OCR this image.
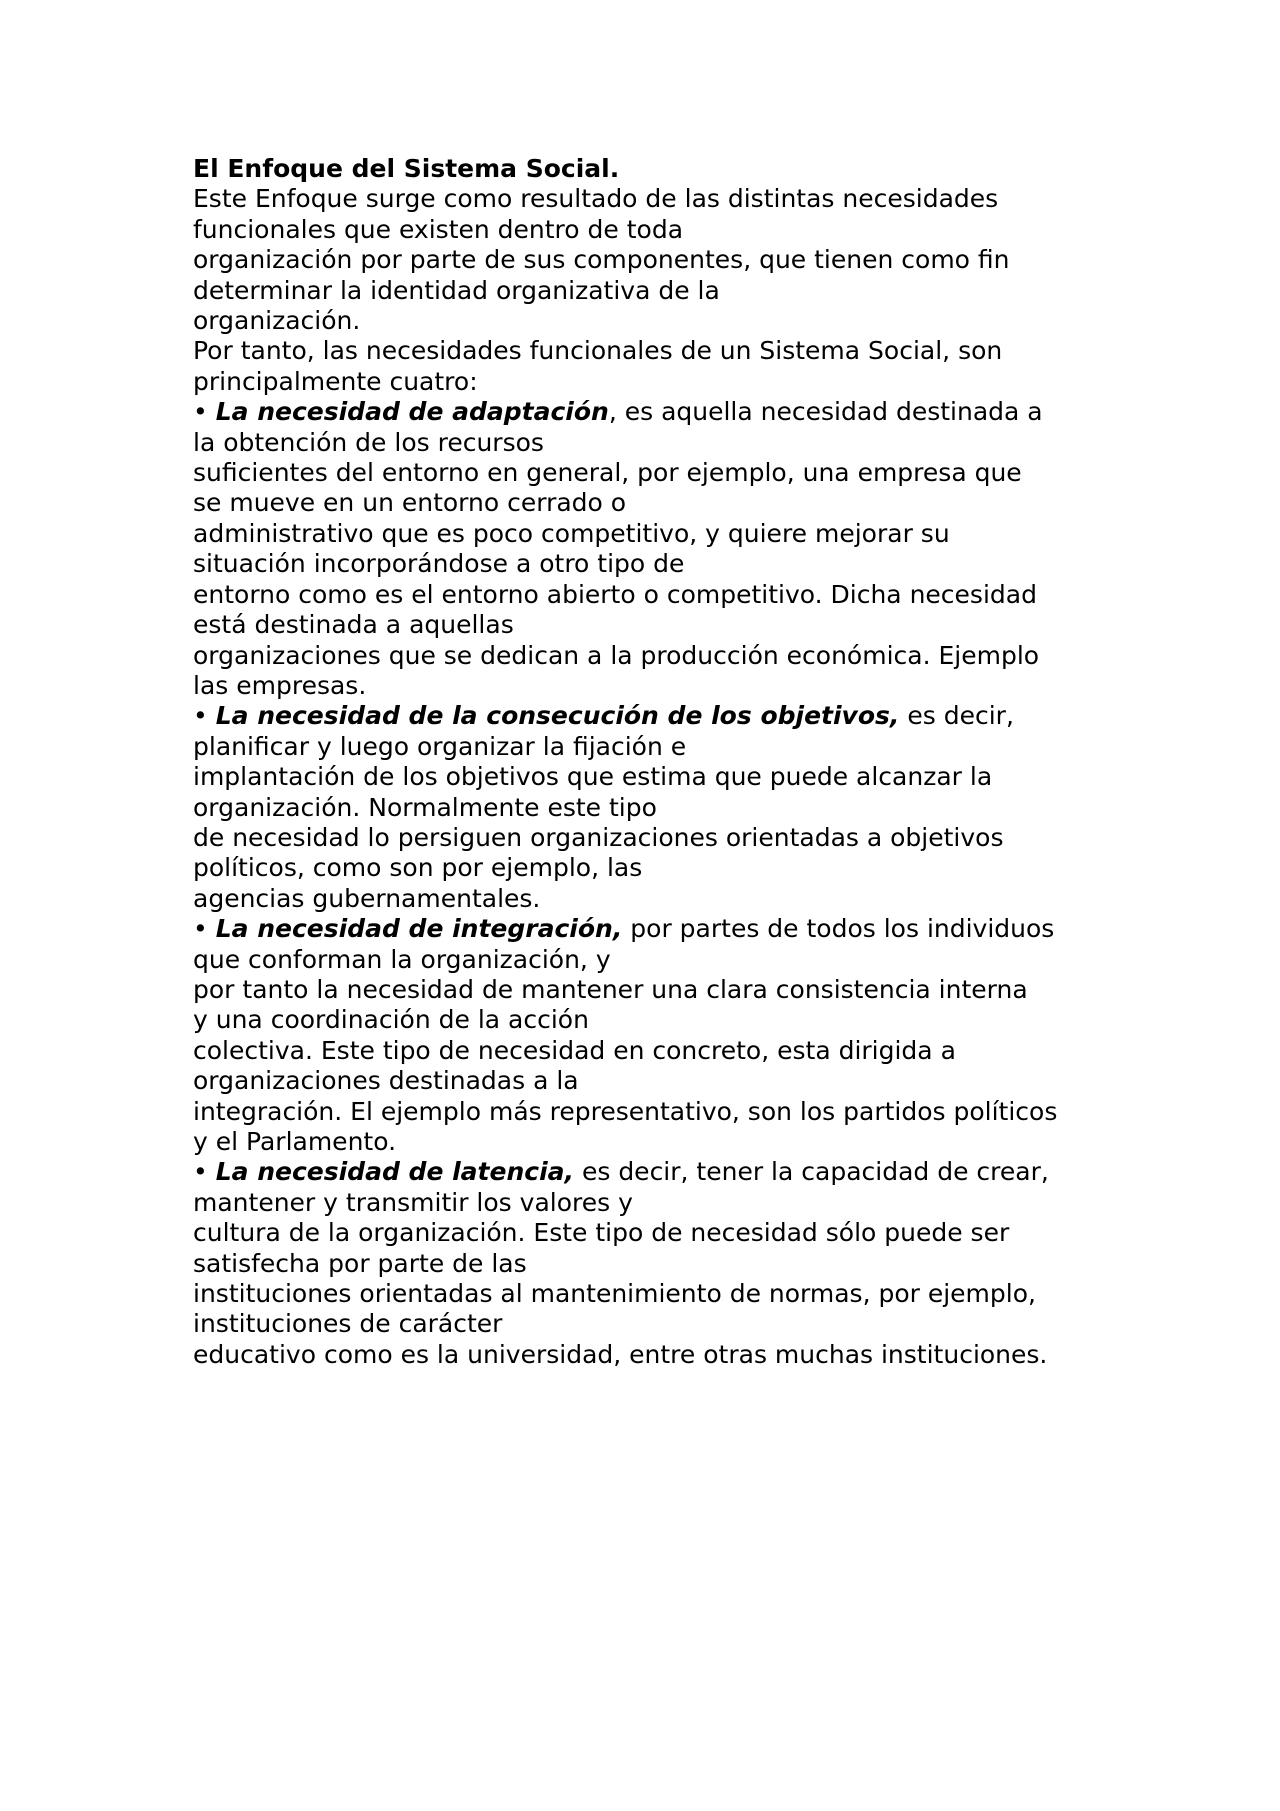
El Enfoque del Sistema Social.
Este Enfoque surge como resultado de las distintas necesidades
funcionales que existen dentro de toda
organización por parte de sus componentes, que tienen como fin
determinar la identidad organizativa de la
organización.
Por tanto, las necesidades funcionales de un Sistema Social, son
principalmente cuatro:
• La necesidad de adaptación, es aquella necesidad destinada a
la obtención de los recursos
suficientes del entorno en general, por ejemplo, una empresa que
se mueve en un entorno cerrado o
administrativo que es poco competitivo, y quiere mejorar su
situación incorporándose a otro tipo de
entorno como es el entorno abierto o competitivo. Dicha necesidad
está destinada a aquellas
organizaciones que se dedican a la producción económica. Ejemplo
las empresas.
• La necesidad de la consecución de los objetivos, es decir,
planificar y luego organizar la fijación e
implantación de los objetivos que estima que puede alcanzar la
organización. Normalmente este tipo
de necesidad lo persiguen organizaciones orientadas a objetivos
políticos, como son por ejemplo, las
agencias gubernamentales.
• La necesidad de integración, por partes de todos los individuos
que conforman la organización, y
por tanto la necesidad de mantener una clara consistencia interna
y una coordinación de la acción
colectiva. Este tipo de necesidad en concreto, esta dirigida a
organizaciones destinadas a la
integración. El ejemplo más representativo, son los partidos políticos
y el Parlamento.
• La necesidad de latencia, es decir, tener la capacidad de crear,
mantener y transmitir los valores y
cultura de la organización. Este tipo de necesidad sólo puede ser
satisfecha por parte de las
instituciones orientadas al mantenimiento de normas, por ejemplo,
instituciones de carácter
educativo como es la universidad, entre otras muchas instituciones.
